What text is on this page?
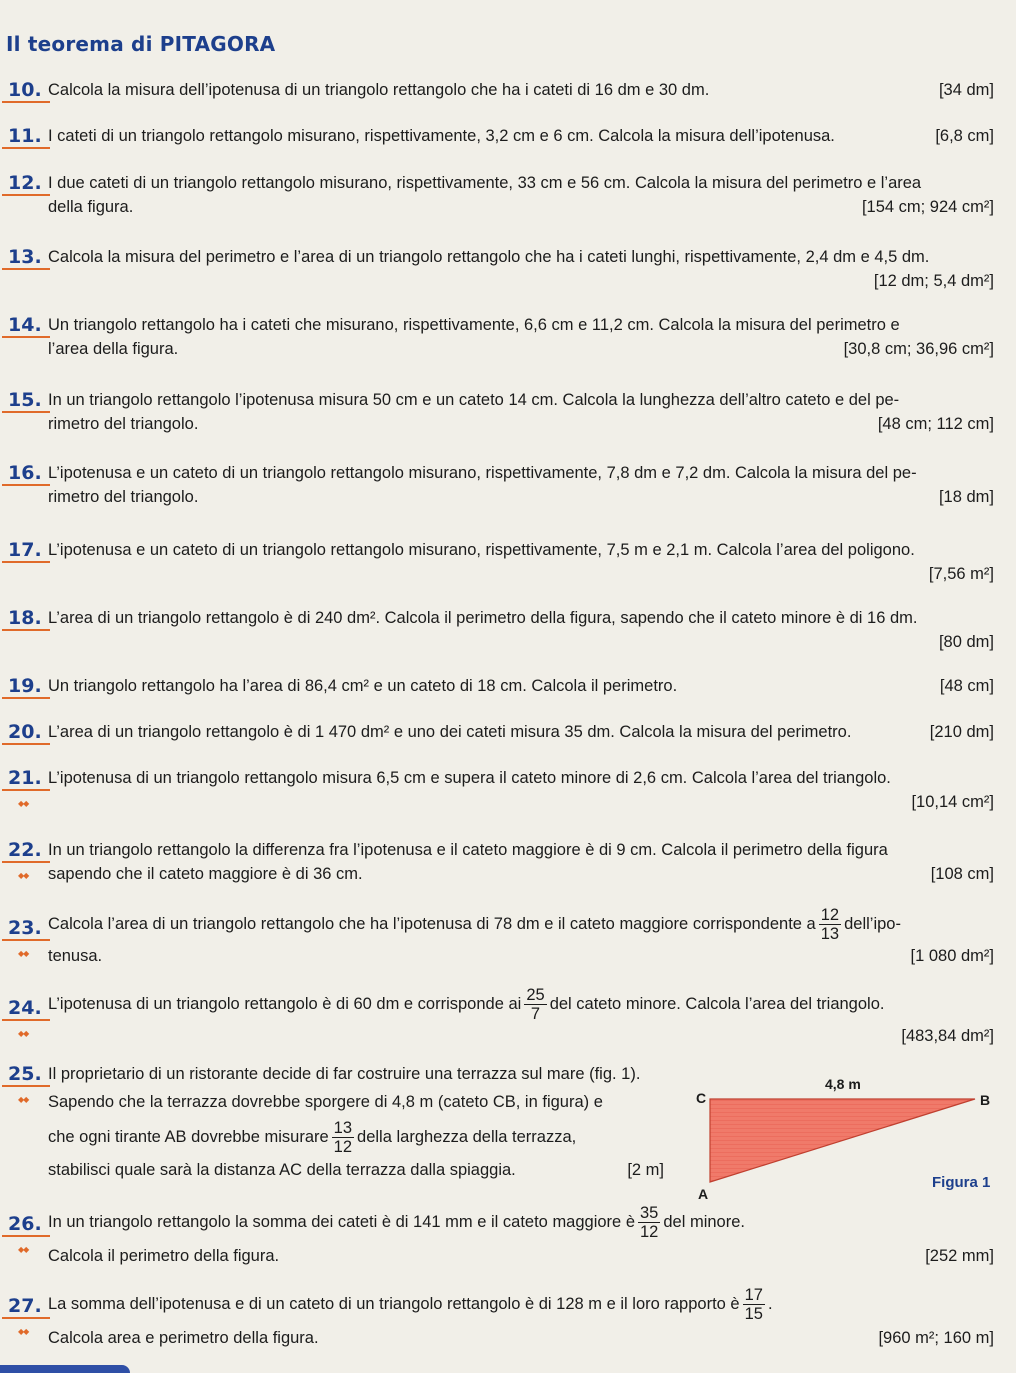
Il teorema di PITAGORA
10. Calcola la misura dell’ipotenusa di un triangolo rettangolo che ha i cateti di 16 dm e 30 dm.	[34 dm]
11. I cateti di un triangolo rettangolo misurano, rispettivamente, 3,2 cm e 6 cm. Calcola la misura dell’ipotenusa.	[6,8 cm]
12. I due cateti di un triangolo rettangolo misurano, rispettivamente, 33 cm e 56 cm. Calcola la misura del perimetro e l’area
della figura.	[154 cm; 924 cm²]
13. Calcola la misura del perimetro e l’area di un triangolo rettangolo che ha i cateti lunghi, rispettivamente, 2,4 dm e 4,5 dm.
[12 dm; 5,4 dm²]
14. Un triangolo rettangolo ha i cateti che misurano, rispettivamente, 6,6 cm e 11,2 cm. Calcola la misura del perimetro e
l’area della figura.	[30,8 cm; 36,96 cm²]
15. In un triangolo rettangolo l’ipotenusa misura 50 cm e un cateto 14 cm. Calcola la lunghezza dell’altro cateto e del pe-
rimetro del triangolo.	[48 cm; 112 cm]
16. L’ipotenusa e un cateto di un triangolo rettangolo misurano, rispettivamente, 7,8 dm e 7,2 dm. Calcola la misura del pe-
rimetro del triangolo.	[18 dm]
17. L’ipotenusa e un cateto di un triangolo rettangolo misurano, rispettivamente, 7,5 m e 2,1 m. Calcola l’area del poligono.
[7,56 m²]
18. L’area di un triangolo rettangolo è di 240 dm². Calcola il perimetro della figura, sapendo che il cateto minore è di 16 dm.
[80 dm]
19. Un triangolo rettangolo ha l’area di 86,4 cm² e un cateto di 18 cm. Calcola il perimetro.	[48 cm]
20. L’area di un triangolo rettangolo è di 1 470 dm² e uno dei cateti misura 35 dm. Calcola la misura del perimetro.	[210 dm]
21.
◆◆
L’ipotenusa di un triangolo rettangolo misura 6,5 cm e supera il cateto minore di 2,6 cm. Calcola l’area del triangolo.
[10,14 cm²]
22.
◆◆
In un triangolo rettangolo la differenza fra l’ipotenusa e il cateto maggiore è di 9 cm. Calcola il perimetro della figura
sapendo che il cateto maggiore è di 36 cm.	[108 cm]
23.
◆◆
Calcola l’area di un triangolo rettangolo che ha l’ipotenusa di 78 dm e il cateto maggiore corrispondente a $\frac{12}{13}$ dell’ipo-
tenusa.	[1 080 dm²]
24.
◆◆
L’ipotenusa di un triangolo rettangolo è di 60 dm e corrisponde ai $\frac{25}{7}$ del cateto minore. Calcola l’area del triangolo.
[483,84 dm²]
25.
◆◆
Il proprietario di un ristorante decide di far costruire una terrazza sul mare (fig. 1).
Sapendo che la terrazza dovrebbe sporgere di 4,8 m (cateto CB, in figura) e
che ogni tirante AB dovrebbe misurare $\frac{13}{12}$ della larghezza della terrazza,
stabilisci quale sarà la distanza AC della terrazza dalla spiaggia.	[2 m]
4,8 m
C	B
A
Figura 1
26.
◆◆
In un triangolo rettangolo la somma dei cateti è di 141 mm e il cateto maggiore è $\frac{35}{12}$ del minore.
Calcola il perimetro della figura.	[252 mm]
27.
◆◆
La somma dell’ipotenusa e di un cateto di un triangolo rettangolo è di 128 m e il loro rapporto è $\frac{17}{15}$ .
Calcola area e perimetro della figura.	[960 m²; 160 m]
